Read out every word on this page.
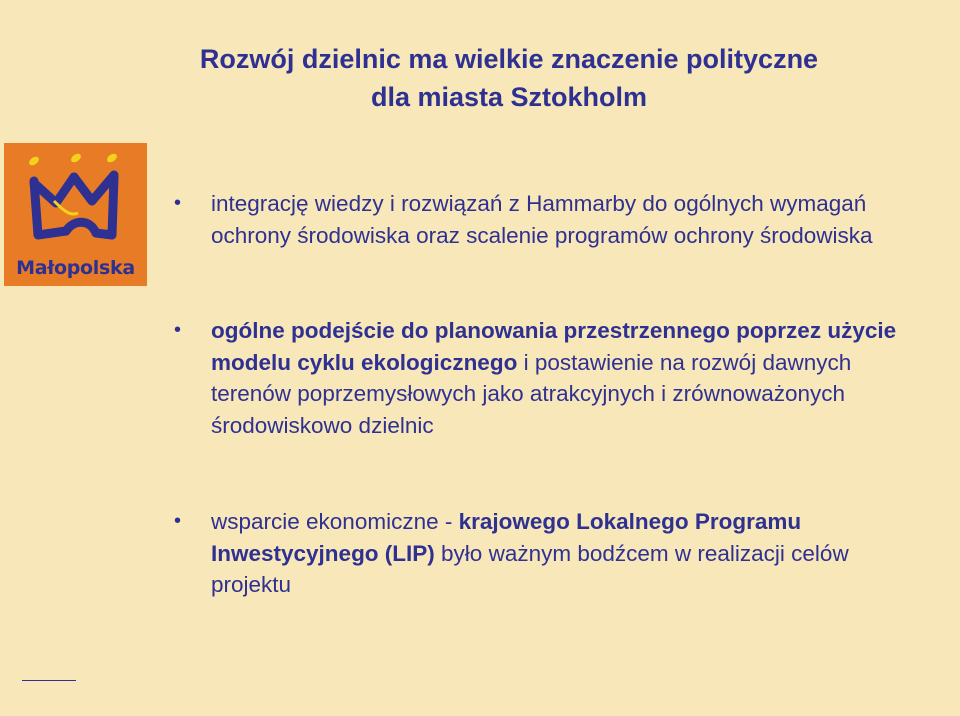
Rozwój dzielnic ma wielkie znaczenie polityczne
dla miasta Sztokholm
Małopolska
•	integrację wiedzy i rozwiązań z Hammarby do ogólnych wymagań ochrony środowiska oraz scalenie programów ochrony środowiska
•	ogólne podejście do planowania przestrzennego poprzez użycie modelu cyklu ekologicznego i postawienie na rozwój dawnych terenów poprzemysłowych jako atrakcyjnych i zrównoważonych środowiskowo dzielnic
•	wsparcie ekonomiczne - krajowego Lokalnego Programu Inwestycyjnego (LIP) było ważnym bodźcem w realizacji celów projektu
